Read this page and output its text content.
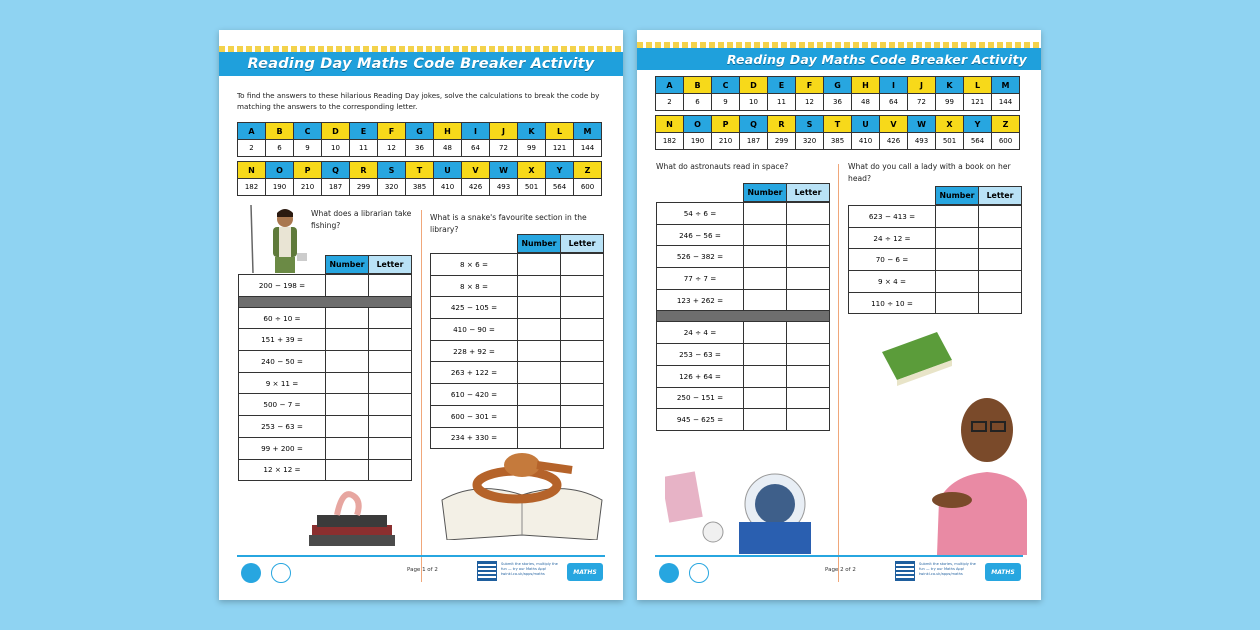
Reading Day Maths Code Breaker Activity
To find the answers to these hilarious Reading Day jokes, solve the calculations to break the code by matching the answers to the corresponding letter.
A	B	C	D	E	F	G	H	I	J	K	L	M
2	6	9	10	11	12	36	48	64	72	99	121	144
N	O	P	Q	R	S	T	U	V	W	X	Y	Z
182	190	210	187	299	320	385	410	426	493	501	564	600
What does a librarian take fishing?
Number	Letter
200 − 198 =		

60 ÷ 10 =		
151 + 39 =		
240 − 50 =		
9 × 11 =		
500 − 7 =		
253 − 63 =		
99 + 200 =		
12 × 12 =		
What is a snake's favourite section in the library?
Number	Letter
8 × 6 =		
8 × 8 =		
425 − 105 =		
410 − 90 =		
228 + 92 =		
263 + 122 =		
610 − 420 =		
600 − 301 =		
234 + 330 =		
Page 1 of 2
Submit the stories, multiply the fun — try our Maths App! twinkl.co.uk/apps/maths	MATHS
Reading Day Maths Code Breaker Activity
A	B	C	D	E	F	G	H	I	J	K	L	M
2	6	9	10	11	12	36	48	64	72	99	121	144
N	O	P	Q	R	S	T	U	V	W	X	Y	Z
182	190	210	187	299	320	385	410	426	493	501	564	600
What do astronauts read in space?
Number	Letter
54 ÷ 6 =		
246 − 56 =		
526 − 382 =		
77 ÷ 7 =		
123 + 262 =		

24 ÷ 4 =		
253 − 63 =		
126 + 64 =		
250 − 151 =		
945 − 625 =		
What do you call a lady with a book on her head?
Number	Letter
623 − 413 =		
24 ÷ 12 =		
70 − 6 =		
9 × 4 =		
110 ÷ 10 =		
Page 2 of 2
Submit the stories, multiply the fun — try our Maths App! twinkl.co.uk/apps/maths	MATHS
